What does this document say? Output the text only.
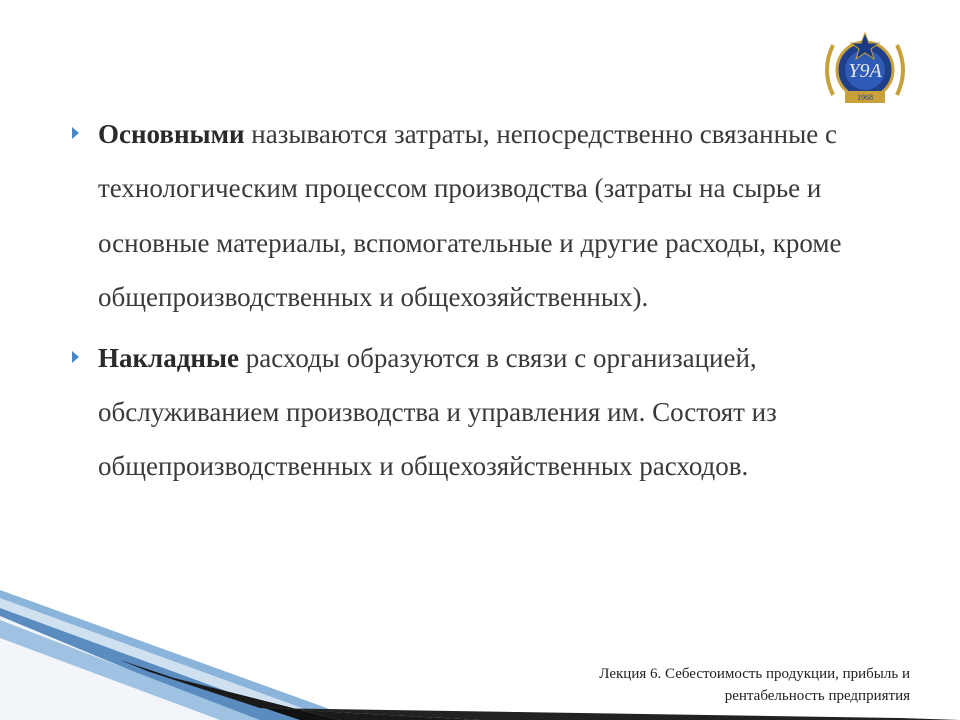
Y9A
1968
Основными называются затраты, непосредственно связанные с технологическим процессом производства (затраты на сырье и основные материалы, вспомогательные и другие расходы, кроме общепроизводственных и общехозяйственных).
Накладные расходы образуются в связи с организацией, обслуживанием производства и управления им. Состоят из общепроизводственных и общехозяйственных расходов.
Лекция 6. Себестоимость продукции, прибыль и
рентабельность предприятия
